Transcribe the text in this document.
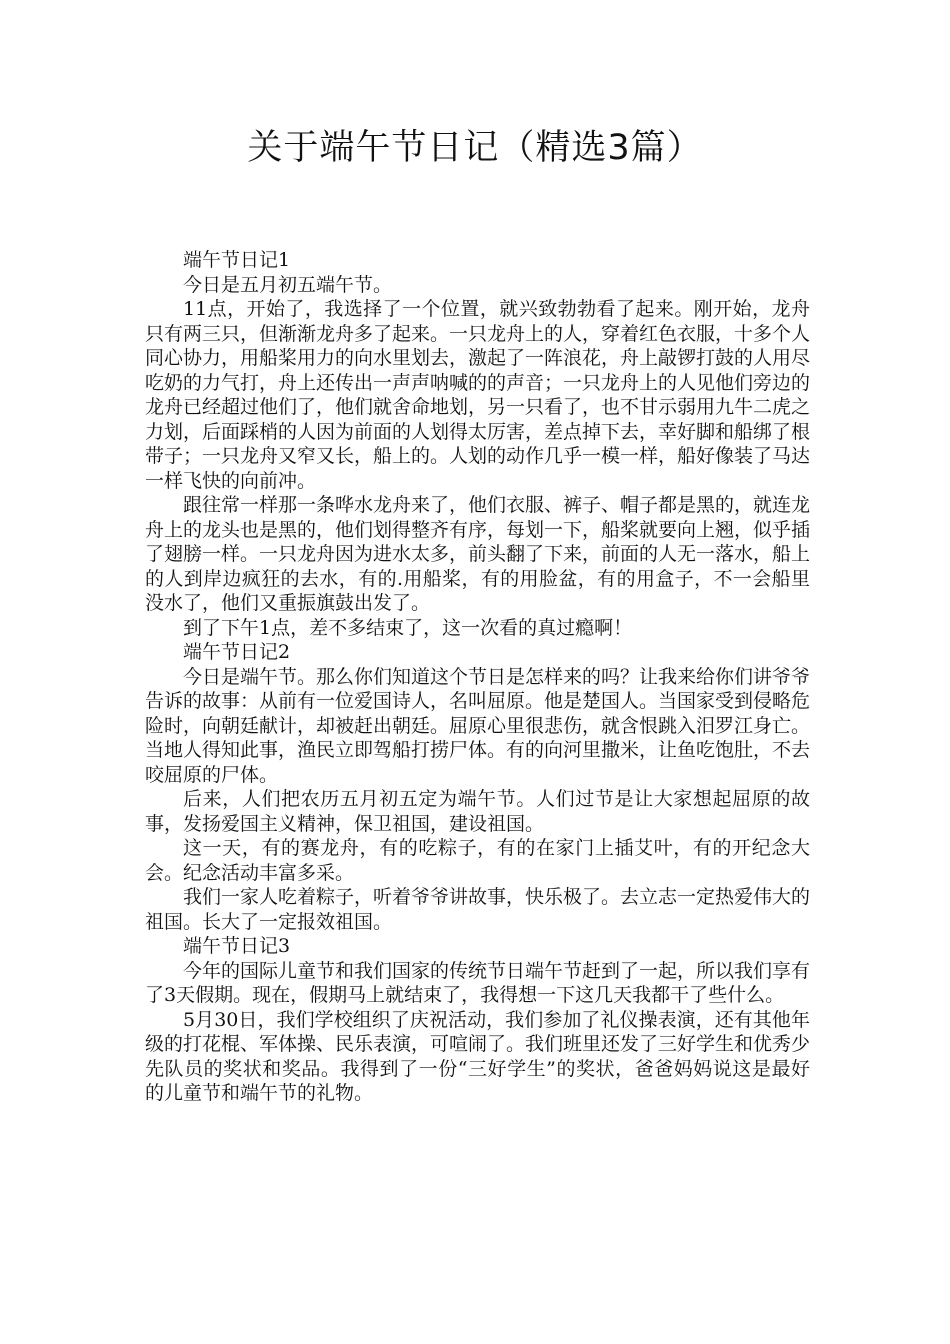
关于端午节日记（精选3篇）

端午节日记1

今日是五月初五端午节。

11点，开始了，我选择了一个位置，就兴致勃勃看了起来。刚开始，龙舟只有两三只，但渐渐龙舟多了起来。一只龙舟上的人，穿着红色衣服，十多个人同心协力，用船桨用力的向水里划去，激起了一阵浪花，舟上敲锣打鼓的人用尽吃奶的力气打，舟上还传出一声声呐喊的的声音；一只龙舟上的人见他们旁边的龙舟已经超过他们了，他们就舍命地划，另一只看了，也不甘示弱用九牛二虎之力划，后面踩梢的人因为前面的人划得太厉害，差点掉下去，幸好脚和船绑了根带子；一只龙舟又窄又长，船上的。人划的动作几乎一模一样，船好像装了马达一样飞快的向前冲。

跟往常一样那一条哗水龙舟来了，他们衣服、裤子、帽子都是黑的，就连龙舟上的龙头也是黑的，他们划得整齐有序，每划一下，船桨就要向上翘，似乎插了翅膀一样。一只龙舟因为进水太多，前头翻了下来，前面的人无一落水，船上的人到岸边疯狂的去水，有的.用船桨，有的用脸盆，有的用盒子，不一会船里没水了，他们又重振旗鼓出发了。

到了下午1点，差不多结束了，这一次看的真过瘾啊！

端午节日记2

今日是端午节。那么你们知道这个节日是怎样来的吗？让我来给你们讲爷爷告诉的故事：从前有一位爱国诗人，名叫屈原。他是楚国人。当国家受到侵略危险时，向朝廷献计，却被赶出朝廷。屈原心里很悲伤，就含恨跳入汨罗江身亡。当地人得知此事，渔民立即驾船打捞尸体。有的向河里撒米，让鱼吃饱肚，不去咬屈原的尸体。

后来，人们把农历五月初五定为端午节。人们过节是让大家想起屈原的故事，发扬爱国主义精神，保卫祖国，建设祖国。

这一天，有的赛龙舟，有的吃粽子，有的在家门上插艾叶，有的开纪念大会。纪念活动丰富多采。

我们一家人吃着粽子，听着爷爷讲故事，快乐极了。去立志一定热爱伟大的祖国。长大了一定报效祖国。

端午节日记3

今年的国际儿童节和我们国家的传统节日端午节赶到了一起，所以我们享有了3天假期。现在，假期马上就结束了，我得想一下这几天我都干了些什么。

5月30日，我们学校组织了庆祝活动，我们参加了礼仪操表演，还有其他年级的打花棍、军体操、民乐表演，可喧闹了。我们班里还发了三好学生和优秀少先队员的奖状和奖品。我得到了一份“三好学生”的奖状，爸爸妈妈说这是最好的儿童节和端午节的礼物。
